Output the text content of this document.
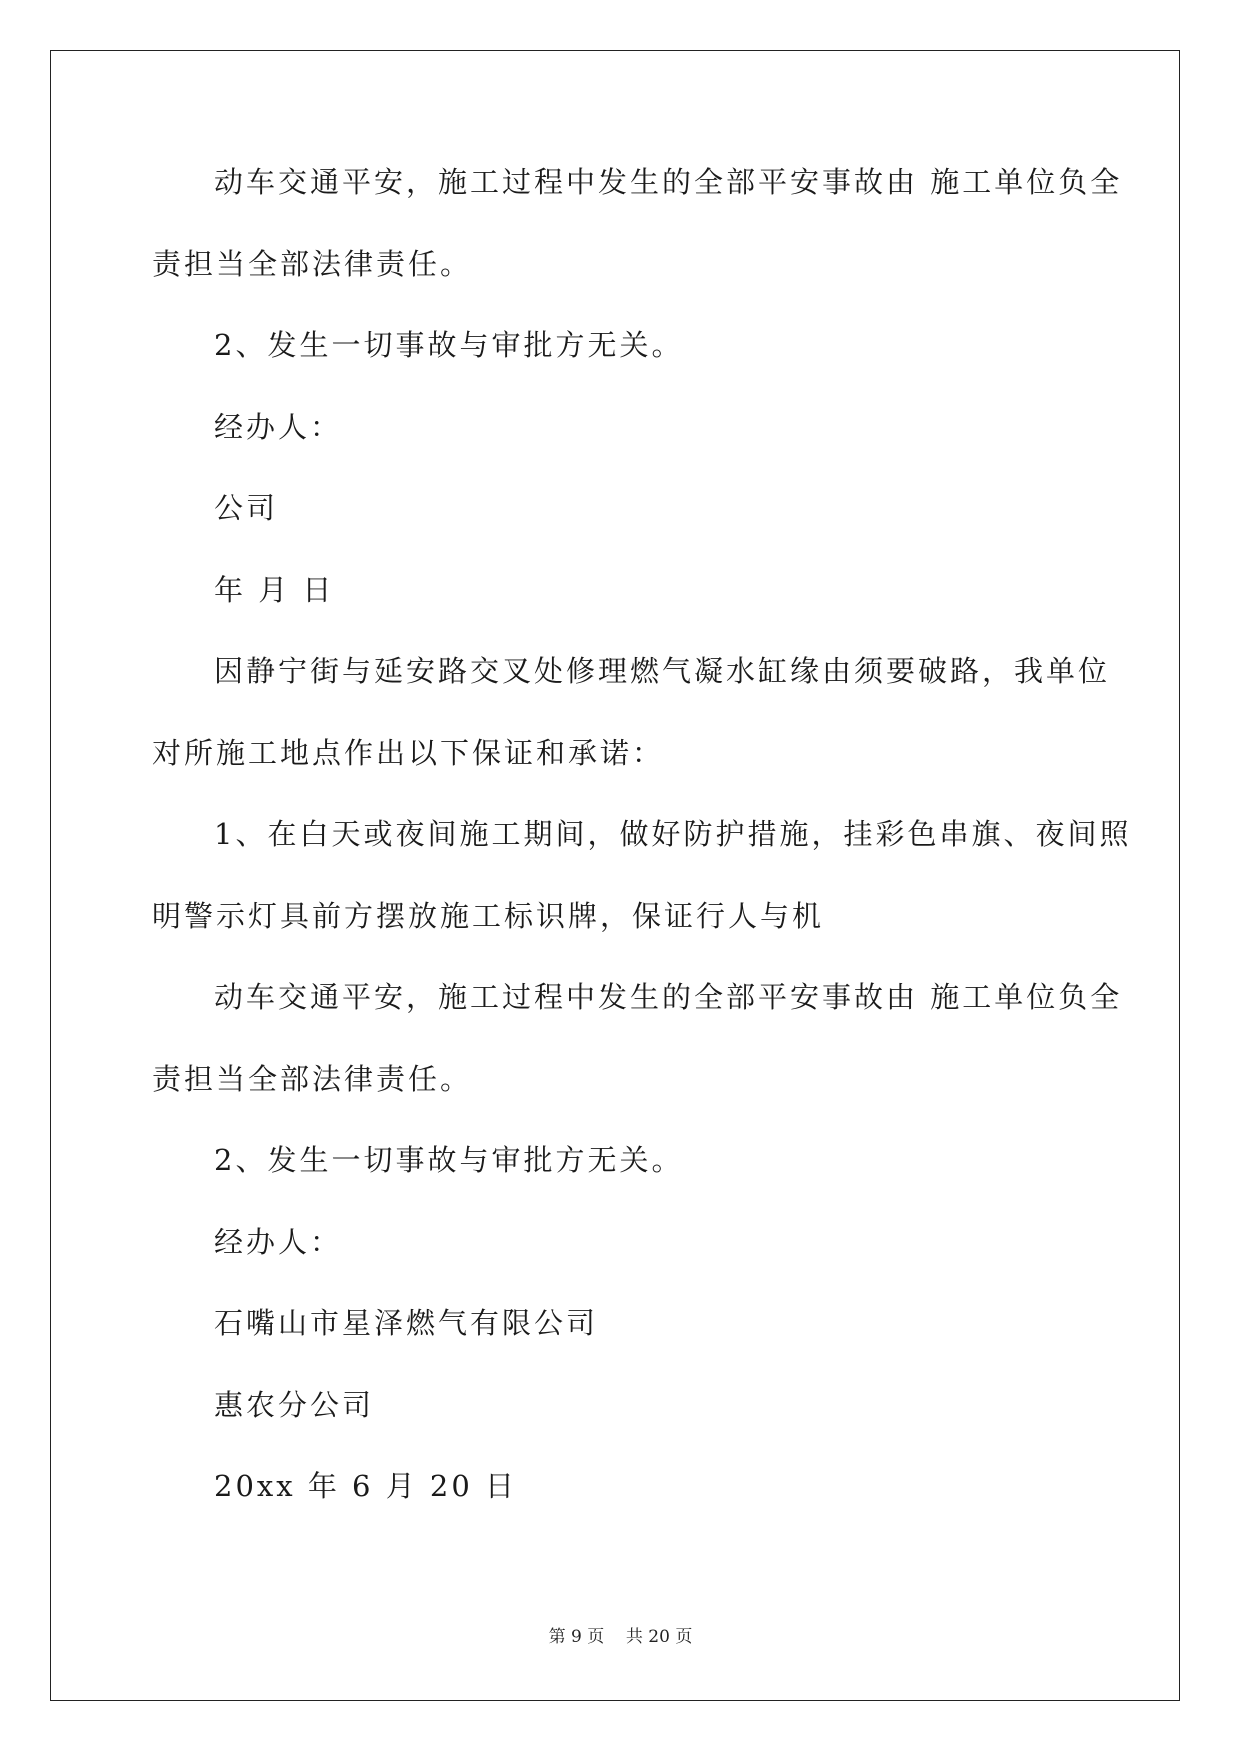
动车交通平安，施工过程中发生的全部平安事故由 施工单位负全
责担当全部法律责任。
2、发生一切事故与审批方无关。
经办人：
公司
年 月 日
因静宁街与延安路交叉处修理燃气凝水缸缘由须要破路，我单位
对所施工地点作出以下保证和承诺：
1、在白天或夜间施工期间，做好防护措施，挂彩色串旗、夜间照
明警示灯具前方摆放施工标识牌，保证行人与机
动车交通平安，施工过程中发生的全部平安事故由 施工单位负全
责担当全部法律责任。
2、发生一切事故与审批方无关。
经办人：
石嘴山市星泽燃气有限公司
惠农分公司
20xx 年 6 月 20 日
第 9 页 共 20 页
